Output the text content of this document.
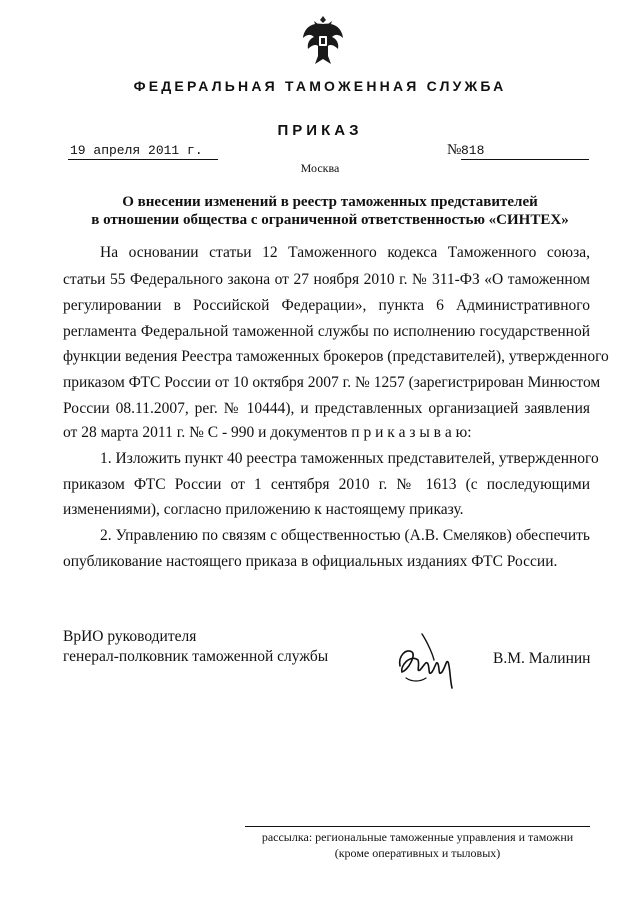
ФЕДЕРАЛЬНАЯ ТАМОЖЕННАЯ СЛУЖБА
ПРИКАЗ
19 апреля 2011 г.	№ 818
Москва
О внесении изменений в реестр таможенных представителей
в отношении общества с ограниченной ответственностью «СИНТЕХ»
На основании статьи 12 Таможенного кодекса Таможенного союза,
статьи 55 Федерального закона от 27 ноября 2010 г. № 311-ФЗ «О таможенном
регулировании в Российской Федерации», пункта 6 Административного
регламента Федеральной таможенной службы по исполнению государственной
функции ведения Реестра таможенных брокеров (представителей), утвержденного
приказом ФТС России от 10 октября 2007 г. № 1257 (зарегистрирован Минюстом
России 08.11.2007, рег. № 10444), и представленных организацией заявления
от 28 марта 2011 г. № С - 990 и документов п р и к а з ы в а ю:
1. Изложить пункт 40 реестра таможенных представителей, утвержденного
приказом ФТС России от 1 сентября 2010 г. № 1613 (с последующими
изменениями), согласно приложению к настоящему приказу.
2. Управлению по связям с общественностью (А.В. Смеляков) обеспечить
опубликование настоящего приказа в официальных изданиях ФТС России.
ВрИО руководителя
генерал-полковник таможенной службы	В.М. Малинин
рассылка: региональные таможенные управления и таможни
(кроме оперативных и тыловых)
